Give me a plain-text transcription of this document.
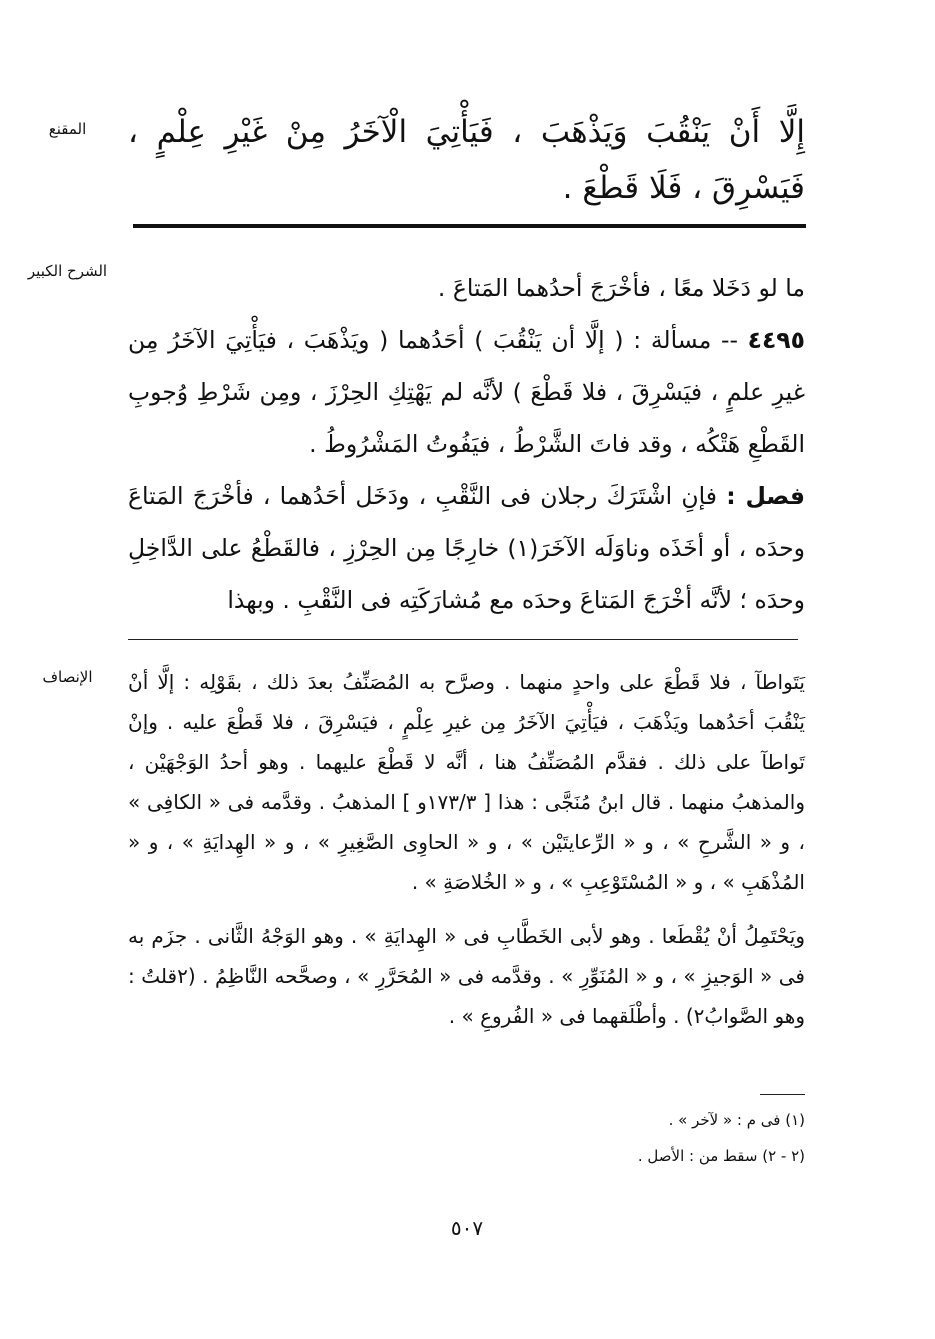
المقنع	إِلَّا أَنْ يَنْقُبَ وَيَذْهَبَ ، فَيَأْتِيَ الْآخَرُ مِنْ غَيْرِ عِلْمٍ ، فَيَسْرِقَ ، فَلَا قَطْعَ .

الشرح الكبير

ما لو دَخَلا معًا ، فأخْرَجَ أحدُهما المَتاعَ .

٤٤٩٥ -- مسألة : ( إلَّا أن يَنْقُبَ ) أحَدُهما ( ويَذْهَبَ ، فيَأْتِيَ الآخَرُ مِن غيرِ علمٍ ، فيَسْرِقَ ، فلا قَطْعَ ) لأنَّه لم يَهْتِكِ الحِرْزَ ، ومِن شَرْطِ وُجوبِ القَطْعِ هَتْكُه ، وقد فاتَ الشَّرْطُ ، فيَفُوتُ المَشْرُوطُ .

فصل : فإنِ اشْتَرَكَ رجلان فى النَّقْبِ ، ودَخَل أحَدُهما ، فأخْرَجَ المَتاعَ وحدَه ، أو أخَذَه وناوَلَه الآخَرَ(١) خارِجًا مِن الحِرْزِ ، فالقَطْعُ على الدَّاخِلِ وحدَه ؛ لأنَّه أخْرَجَ المَتاعَ وحدَه مع مُشارَكَتِه فى النَّقْبِ . وبهذا

الإنصاف	يَتَواطآ ، فلا قَطْعَ على واحدٍ منهما . وصرَّح به المُصَنِّفُ بعدَ ذلك ، بقَوْلِه : إلَّا أنْ يَنْقُبَ أحَدُهما ويَذْهَبَ ، فيَأْتِيَ الآخَرُ مِن غيرِ عِلْمٍ ، فيَسْرِقَ ، فلا قَطْعَ عليه . وإنْ تَواطآ على ذلك . فقدَّم المُصَنِّفُ هنا ، أنَّه لا قَطْعَ عليهما . وهو أحدُ الوَجْهَيْن ، والمذهبُ منهما . قال ابنُ مُنَجَّى : هذا [ ١٧٣/٣و ] المذهبُ . وقدَّمه فى « الكافِى » ، و « الشَّرحِ » ، و « الرِّعايتَيْن » ، و « الحاوِى الصَّغِيرِ » ، و « الهِدايَةِ » ، و « المُذْهَبِ » ، و « المُسْتَوْعِبِ » ، و « الخُلاصَةِ » .

ويَحْتَمِلُ أنْ يُقْطَعا . وهو لأبى الخَطَّابِ فى « الهِدايَةِ » . وهو الوَجْهُ الثَّانى . جزَم به فى « الوَجيزِ » ، و « المُنَوِّرِ » . وقدَّمه فى « المُحَرَّرِ » ، وصحَّحه النَّاظِمُ . (٢قلتُ : وهو الصَّوابُ٢) . وأطْلَقهما فى « الفُروعِ » .

(١) فى م : « لآخر » .

(٢ - ٢) سقط من : الأصل .

٥٠٧
